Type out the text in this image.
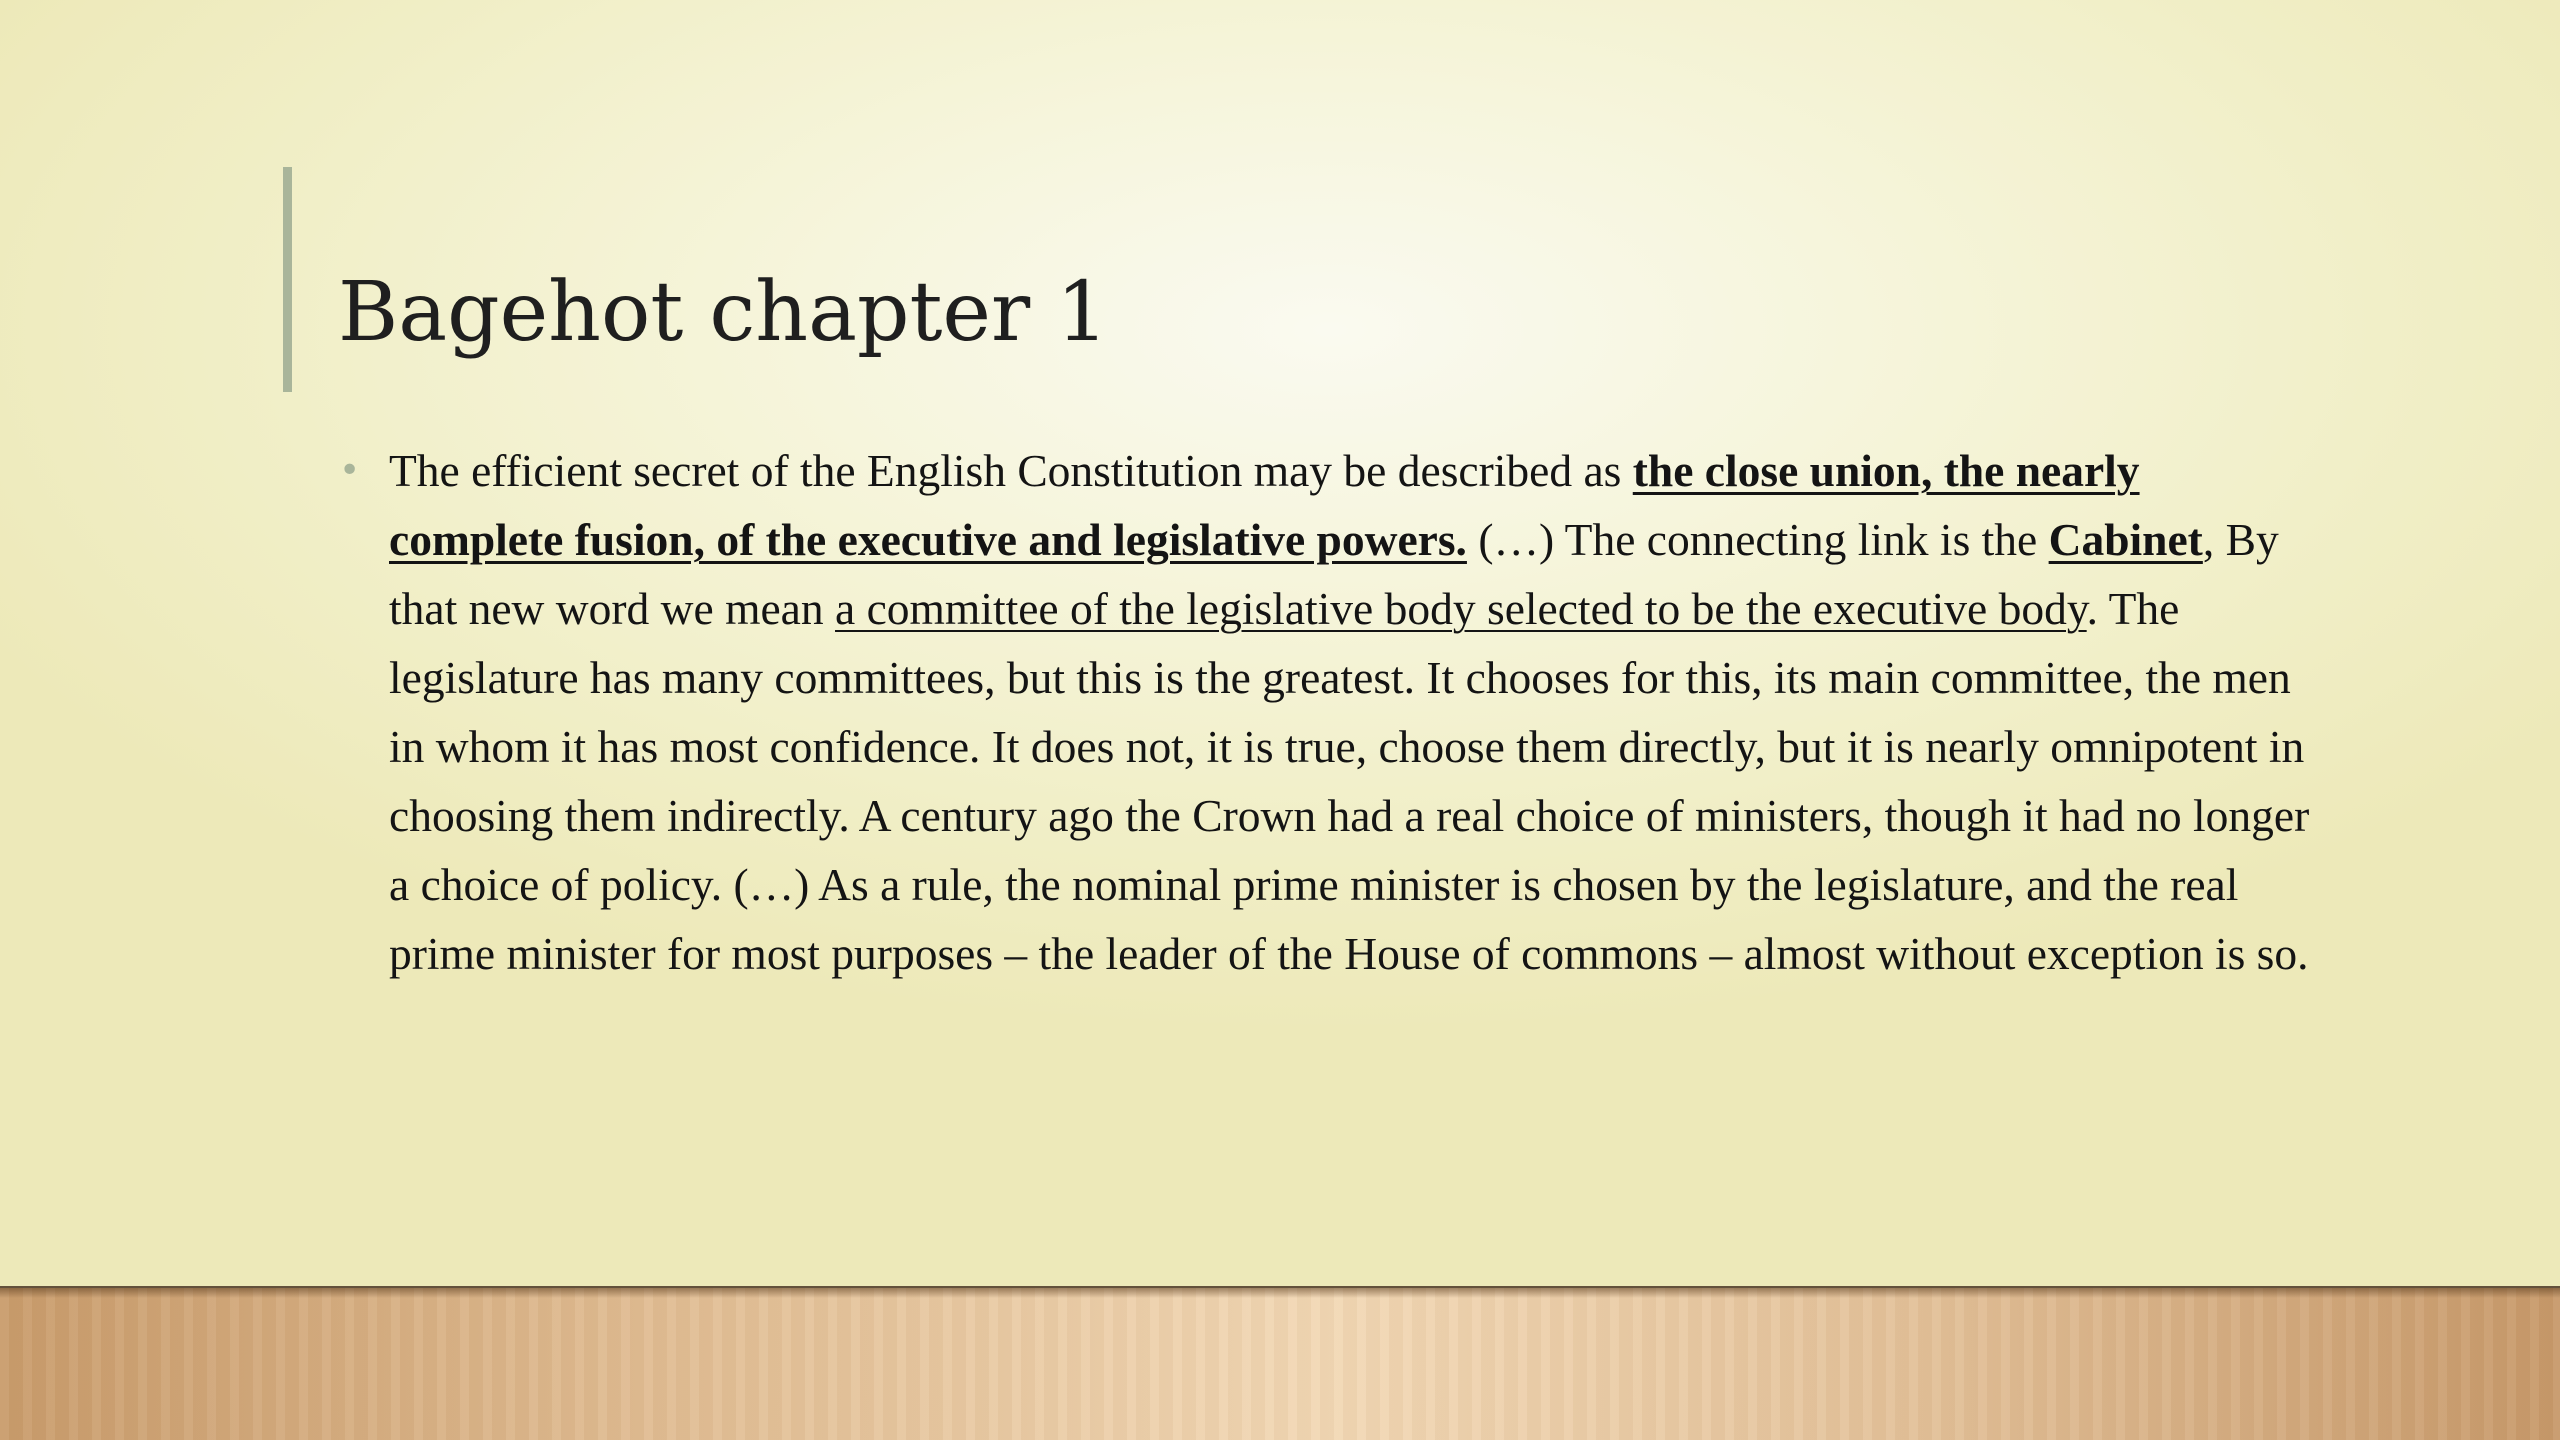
Bagehot chapter 1
• The efficient secret of the English Constitution may be described as the close union, the nearly complete fusion, of the executive and legislative powers. (…) The connecting link is the Cabinet, By that new word we mean a committee of the legislative body selected to be the executive body. The legislature has many committees, but this is the greatest. It chooses for this, its main committee, the men in whom it has most confidence. It does not, it is true, choose them directly, but it is nearly omnipotent in choosing them indirectly. A century ago the Crown had a real choice of ministers, though it had no longer a choice of policy. (…) As a rule, the nominal prime minister is chosen by the legislature, and the real prime minister for most purposes – the leader of the House of commons – almost without exception is so.
